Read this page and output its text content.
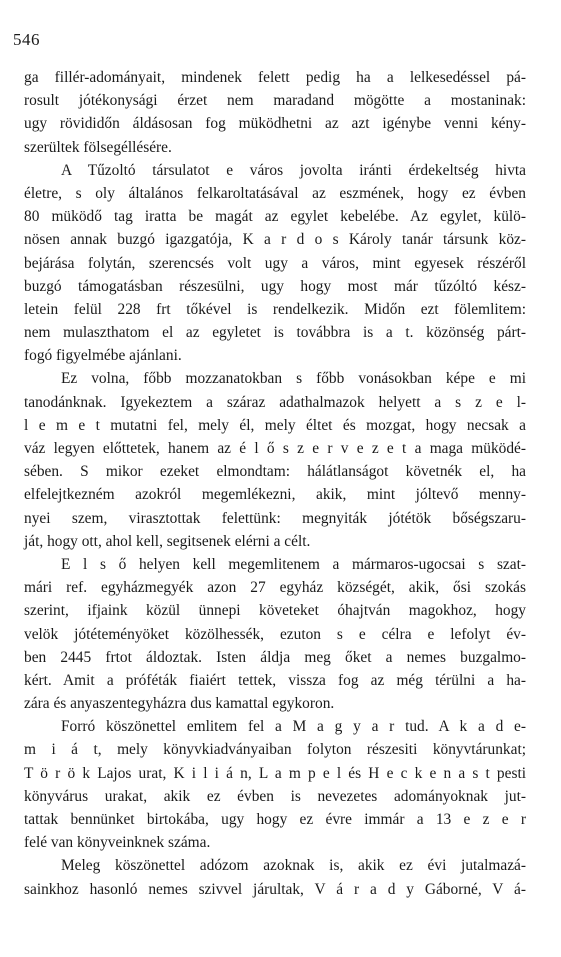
546
ga fillér-adományait, mindenek felett pedig ha a lelkesedéssel pá-
rosult jótékonysági érzet nem maradand mögötte a mostaninak:
ugy rövididőn áldásosan fog müködhetni az azt igénybe venni kény-
szerültek fölsegéllésére.
A Tűzoltó társulatot e város jovolta iránti érdekeltség hivta
életre, s oly általános felkaroltatásával az eszmének, hogy ez évben
80 müködő tag iratta be magát az egylet kebelébe. Az egylet, külö-
nösen annak buzgó igazgatója, K a r d o s Károly tanár társunk köz-
bejárása folytán, szerencsés volt ugy a város, mint egyesek részéről
buzgó támogatásban részesülni, ugy hogy most már tűzóltó kész-
letein felül 228 frt tőkével is rendelkezik. Midőn ezt fölemlitem:
nem mulaszthatom el az egyletet is továbbra is a t. közönség párt-
fogó figyelmébe ajánlani.
Ez volna, főbb mozzanatokban s főbb vonásokban képe e mi
tanodánknak. Igyekeztem a száraz adathalmazok helyett a s z e l-
l e m e t mutatni fel, mely él, mely éltet és mozgat, hogy necsak a
váz legyen előttetek, hanem az é l ő s z e r v e z e t a maga müködé-
sében. S mikor ezeket elmondtam: hálátlanságot követnék el, ha
elfelejtkezném azokról megemlékezni, akik, mint jóltevő menny-
nyei szem, virasztottak felettünk: megnyiták jótétök bőségszaru-
ját, hogy ott, ahol kell, segitsenek elérni a célt.
E l s ő helyen kell megemlitenem a mármaros-ugocsai s szat-
mári ref. egyházmegyék azon 27 egyház községét, akik, ősi szokás
szerint, ifjaink közül ünnepi követeket óhajtván magokhoz, hogy
velök jótéteményöket közölhessék, ezuton s e célra e lefolyt év-
ben 2445 frtot áldoztak. Isten áldja meg őket a nemes buzgalmo-
kért. Amit a próféták fiaiért tettek, vissza fog az még térülni a ha-
zára és anyaszentegyházra dus kamattal egykoron.
Forró köszönettel emlitem fel a M a g y a r tud. A k a d e-
m i á t, mely könyvkiadványaiban folyton részesiti könyvtárunkat;
T ö r ö k Lajos urat, K i l i á n, L a m p e l és H e c k e n a s t pesti
könyvárus urakat, akik ez évben is nevezetes adományoknak jut-
tattak bennünket birtokába, ugy hogy ez évre immár a 13 e z e r
felé van könyveinknek száma.
Meleg köszönettel adózom azoknak is, akik ez évi jutalmazá-
sainkhoz hasonló nemes szivvel járultak, V á r a d y Gáborné, V á-
